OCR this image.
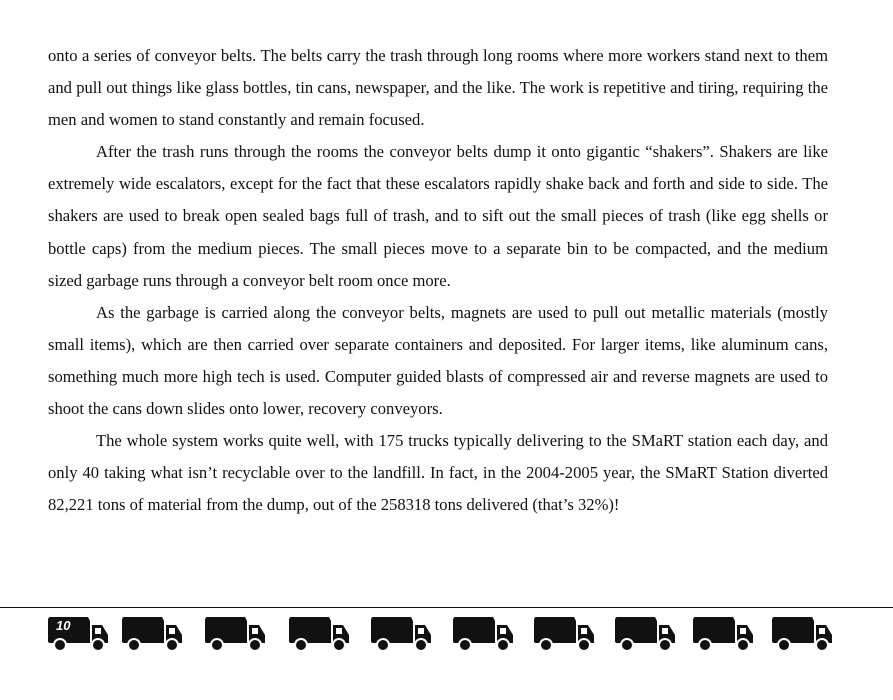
onto a series of conveyor belts. The belts carry the trash through long rooms where more workers stand next to them and pull out things like glass bottles, tin cans, newspaper, and the like. The work is repetitive and tiring, requiring the men and women to stand constantly and remain focused.

After the trash runs through the rooms the conveyor belts dump it onto gigantic “shakers”. Shakers are like extremely wide escalators, except for the fact that these escalators rapidly shake back and forth and side to side. The shakers are used to break open sealed bags full of trash, and to sift out the small pieces of trash (like egg shells or bottle caps) from the medium pieces. The small pieces move to a separate bin to be compacted, and the medium sized garbage runs through a conveyor belt room once more.

As the garbage is carried along the conveyor belts, magnets are used to pull out metallic materials (mostly small items), which are then carried over separate containers and deposited. For larger items, like aluminum cans, something much more high tech is used. Computer guided blasts of compressed air and reverse magnets are used to shoot the cans down slides onto lower, recovery conveyors.

The whole system works quite well, with 175 trucks typically delivering to the SMaRT station each day, and only 40 taking what isn’t recyclable over to the landfill. In fact, in the 2004-2005 year, the SMaRT Station diverted 82,221 tons of material from the dump, out of the 258318 tons delivered (that’s 32%)!

10
